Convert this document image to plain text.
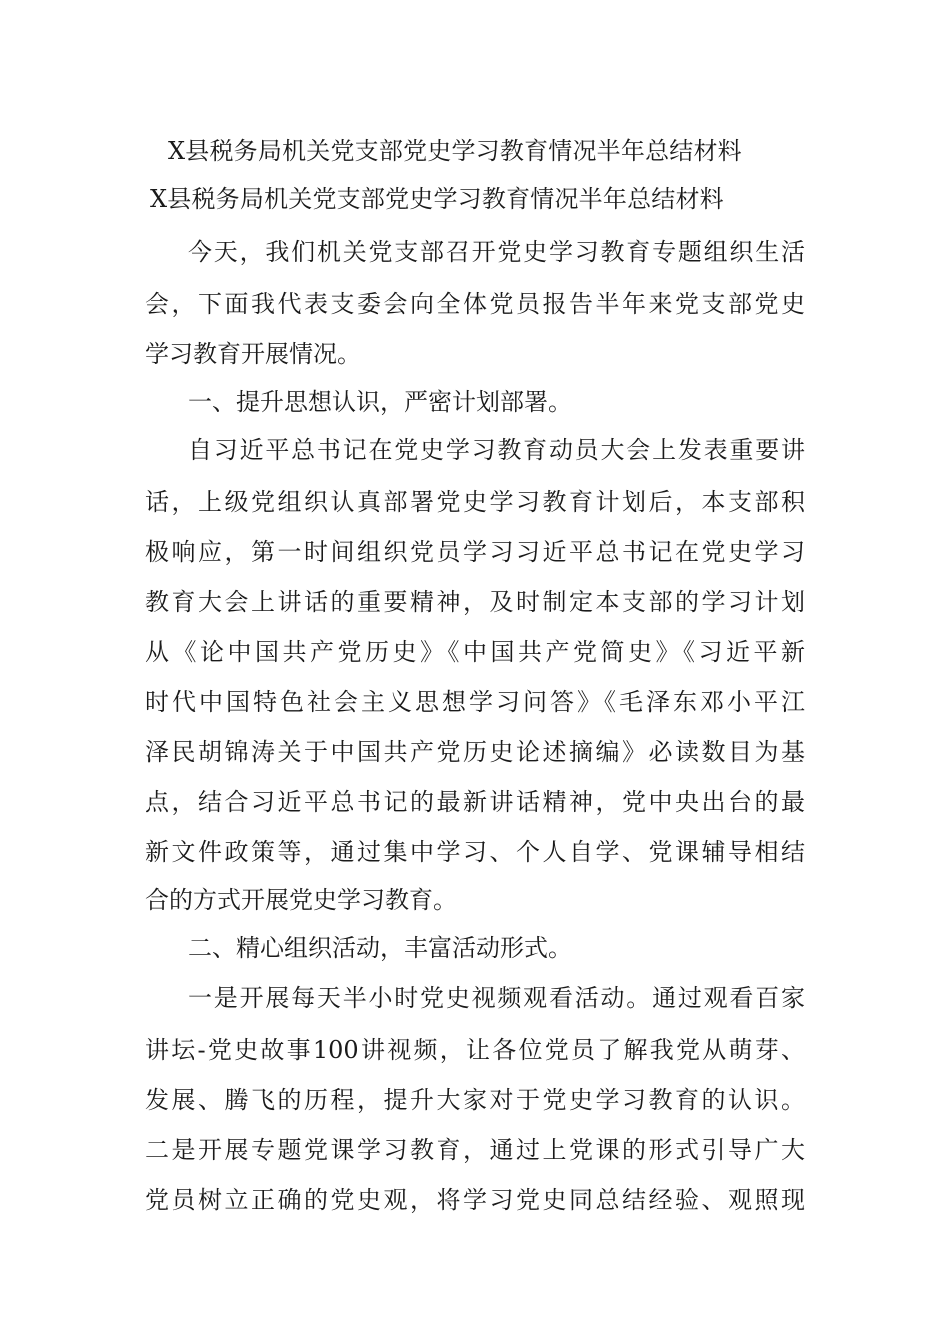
X县税务局机关党支部党史学习教育情况半年总结材料
X县税务局机关党支部党史学习教育情况半年总结材料
今天，我们机关党支部召开党史学习教育专题组织生活
会，下面我代表支委会向全体党员报告半年来党支部党史
学习教育开展情况。
一、提升思想认识，严密计划部署。
自习近平总书记在党史学习教育动员大会上发表重要讲
话，上级党组织认真部署党史学习教育计划后，本支部积
极响应，第一时间组织党员学习习近平总书记在党史学习
教育大会上讲话的重要精神，及时制定本支部的学习计划
从《论中国共产党历史》《中国共产党简史》《习近平新
时代中国特色社会主义思想学习问答》《毛泽东邓小平江
泽民胡锦涛关于中国共产党历史论述摘编》必读数目为基
点，结合习近平总书记的最新讲话精神，党中央出台的最
新文件政策等，通过集中学习、个人自学、党课辅导相结
合的方式开展党史学习教育。
二、精心组织活动，丰富活动形式。
一是开展每天半小时党史视频观看活动。通过观看百家
讲坛-党史故事100讲视频，让各位党员了解我党从萌芽、
发展、腾飞的历程，提升大家对于党史学习教育的认识。
二是开展专题党课学习教育，通过上党课的形式引导广大
党员树立正确的党史观，将学习党史同总结经验、观照现
